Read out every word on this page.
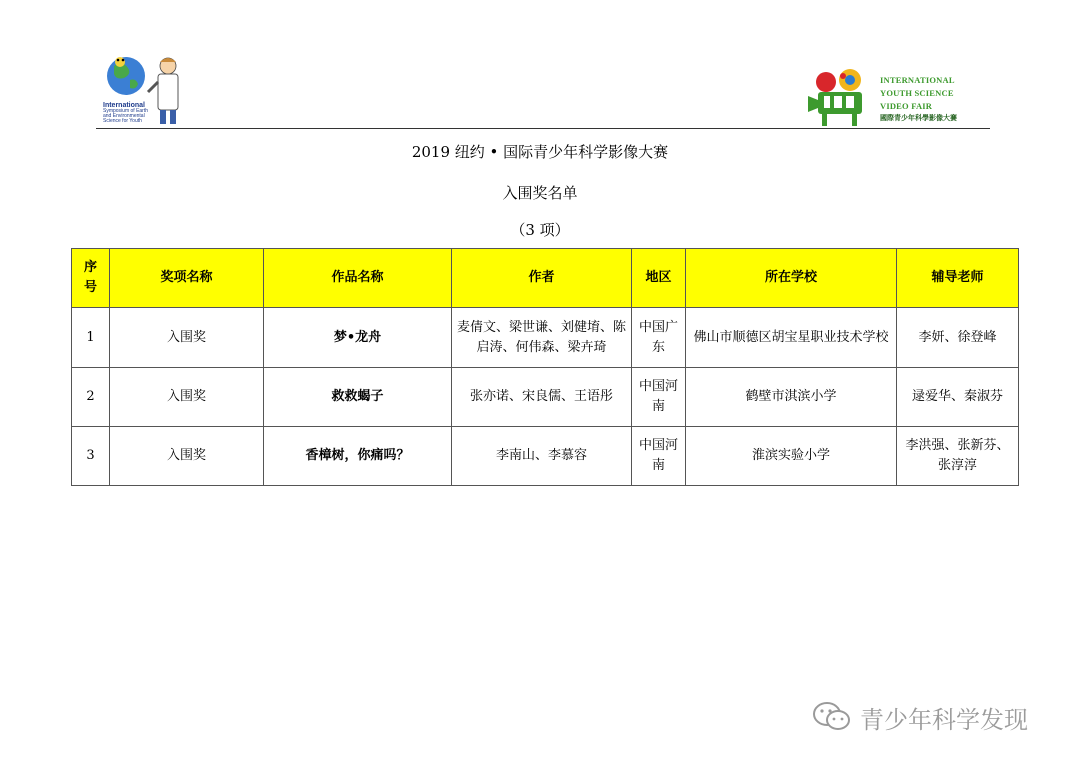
International
Symposium of Earth
and Environmental
Science for Youth
INTERNATIONAL
YOUTH SCIENCE
VIDEO FAIR
國際青少年科學影像大賽
2019 纽约 • 国际青少年科学影像大赛
入围奖名单
（3 项）
序号	奖项名称	作品名称	作者	地区	所在学校	辅导老师
1	入围奖	梦•龙舟	麦倩文、梁世谦、刘健堉、陈启涛、何伟森、梁卉琦	中国广东	佛山市顺德区胡宝星职业技术学校	李妍、徐登峰
2	入围奖	救救蝎子	张亦诺、宋良儒、王语彤	中国河南	鹤壁市淇滨小学	逯爱华、秦淑芬
3	入围奖	香樟树，你痛吗？	李南山、李慕容	中国河南	淮滨实验小学	李洪强、张新芬、张淳淳
青少年科学发现
